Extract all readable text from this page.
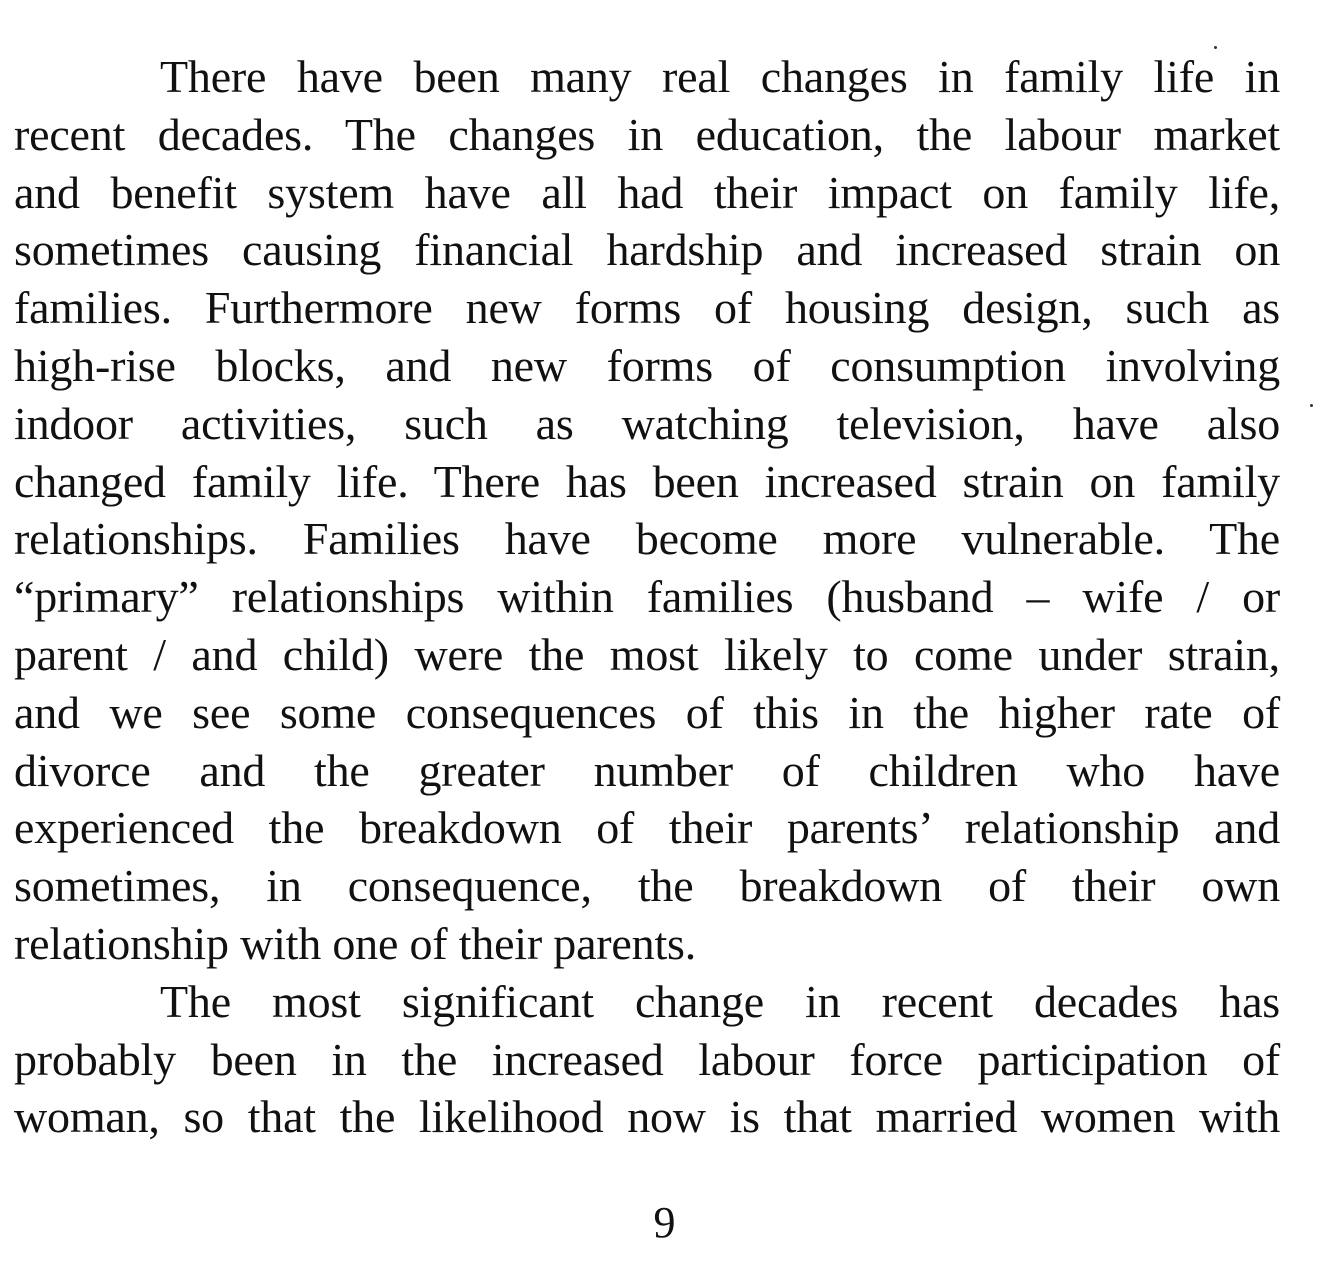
There have been many real changes in family life in
recent decades. The changes in education, the labour market
and benefit system have all had their impact on family life,
sometimes causing financial hardship and increased strain on
families. Furthermore new forms of housing design, such as
high-rise blocks, and new forms of consumption involving
indoor activities, such as watching television, have also
changed family life. There has been increased strain on family
relationships. Families have become more vulnerable. The
“primary” relationships within families (husband – wife / or
parent / and child) were the most likely to come under strain,
and we see some consequences of this in the higher rate of
divorce and the greater number of children who have
experienced the breakdown of their parents’ relationship and
sometimes, in consequence, the breakdown of their own
relationship with one of their parents.
The most significant change in recent decades has
probably been in the increased labour force participation of
woman, so that the likelihood now is that married women with
9
